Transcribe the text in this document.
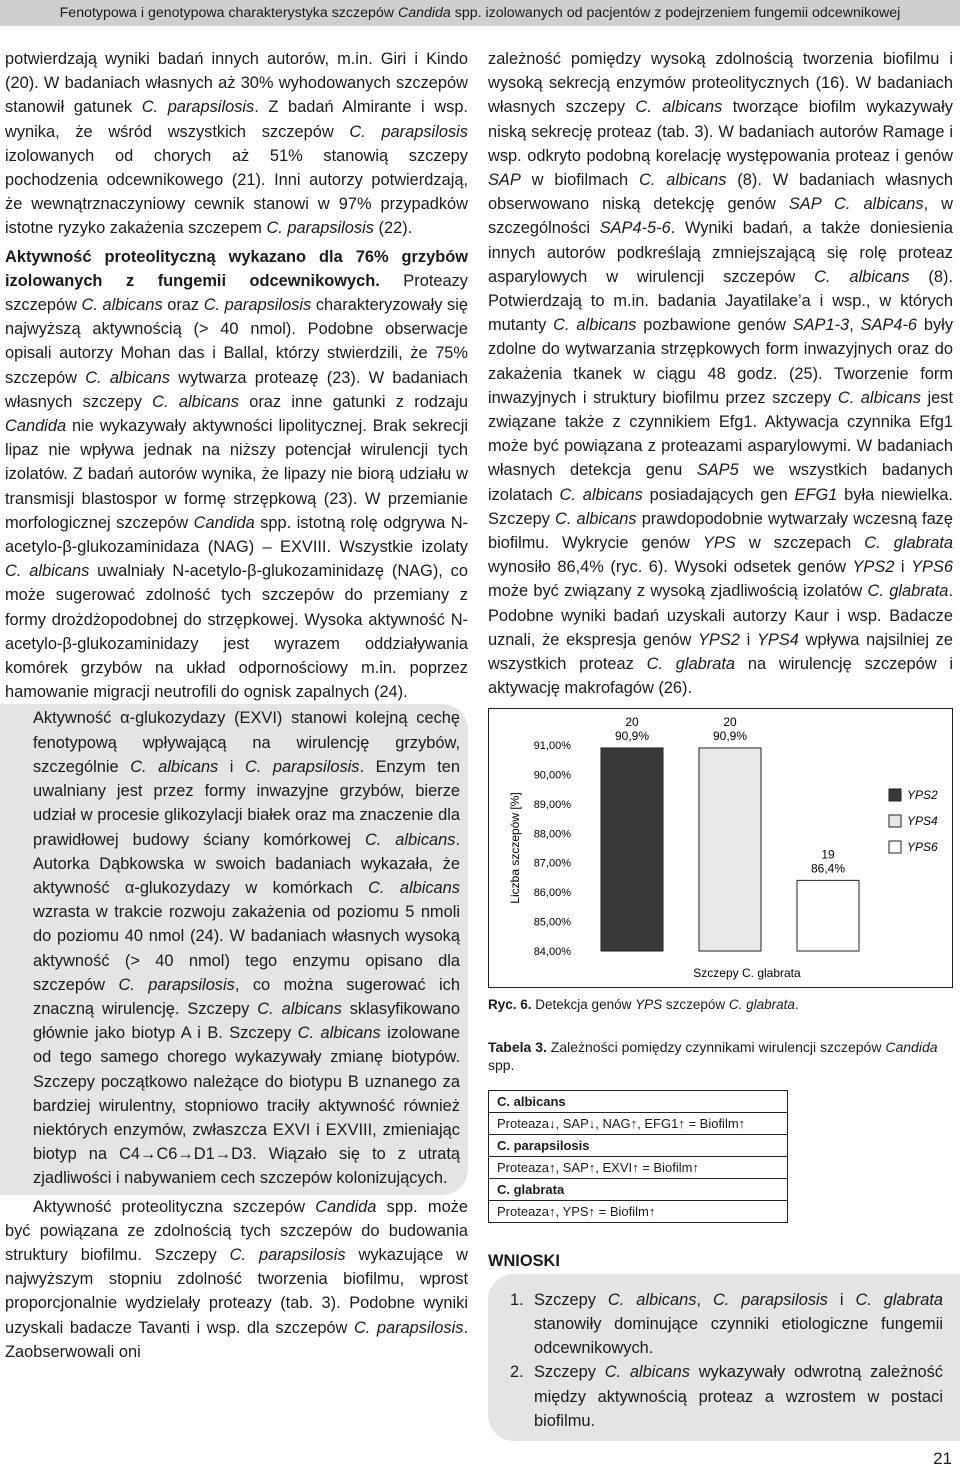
Fenotypowa i genotypowa charakterystyka szczepów Candida spp. izolowanych od pacjentów z podejrzeniem fungemii odcewnikowej

potwierdzają wyniki badań innych autorów, m.in. Giri i Kindo (20). W badaniach własnych aż 30% wyhodowanych szczepów stanowił gatunek C. parapsilosis. Z badań Almirante i wsp. wynika, że wśród wszystkich szczepów C. parapsilosis izolowanych od chorych aż 51% stanowią szczepy pochodzenia odcewnikowego (21). Inni autorzy potwierdzają, że wewnątrznaczyniowy cewnik stanowi w 97% przypadków istotne ryzyko zakażenia szczepem C. parapsilosis (22).

Aktywność proteolityczną wykazano dla 76% grzybów izolowanych z fungemii odcewnikowych. Proteazy szczepów C. albicans oraz C. parapsilosis charakteryzowały się najwyższą aktywnością (> 40 nmol). Podobne obserwacje opisali autorzy Mohan das i Ballal, którzy stwierdzili, że 75% szczepów C. albicans wytwarza proteazę (23). W badaniach własnych szczepy C. albicans oraz inne gatunki z rodzaju Candida nie wykazywały aktywności lipolitycznej. Brak sekrecji lipaz nie wpływa jednak na niższy potencjał wirulencji tych izolatów. Z badań autorów wynika, że lipazy nie biorą udziału w transmisji blastospor w formę strzępkową (23). W przemianie morfologicznej szczepów Candida spp. istotną rolę odgrywa N-acetylo-β-glukozaminidaza (NAG) – EXVIII. Wszystkie izolaty C. albicans uwalniały N-acetylo-β-glukozaminidazę (NAG), co może sugerować zdolność tych szczepów do przemiany z formy drożdżopodobnej do strzępkowej. Wysoka aktywność N-acetylo-β-glukozaminidazy jest wyrazem oddziaływania komórek grzybów na układ odpornościowy m.in. poprzez hamowanie migracji neutrofili do ognisk zapalnych (24).

Aktywność α-glukozydazy (EXVI) stanowi kolejną cechę fenotypową wpływającą na wirulencję grzybów, szczególnie C. albicans i C. parapsilosis. Enzym ten uwalniany jest przez formy inwazyjne grzybów, bierze udział w procesie glikozylacji białek oraz ma znaczenie dla prawidłowej budowy ściany komórkowej C. albicans. Autorka Dąbkowska w swoich badaniach wykazała, że aktywność α-glukozydazy w komórkach C. albicans wzrasta w trakcie rozwoju zakażenia od poziomu 5 nmoli do poziomu 40 nmol (24). W badaniach własnych wysoką aktywność (> 40 nmol) tego enzymu opisano dla szczepów C. parapsilosis, co można sugerować ich znaczną wirulencję. Szczepy C. albicans sklasyfikowano głównie jako biotyp A i B. Szczepy C. albicans izolowane od tego samego chorego wykazywały zmianę biotypów. Szczepy początkowo należące do biotypu B uznanego za bardziej wirulentny, stopniowo traciły aktywność również niektórych enzymów, zwłaszcza EXVI i EXVIII, zmieniając biotyp na C4→C6→D1→D3. Wiązało się to z utratą zjadliwości i nabywaniem cech szczepów kolonizujących.

Aktywność proteolityczna szczepów Candida spp. może być powiązana ze zdolnością tych szczepów do budowania struktury biofilmu. Szczepy C. parapsilosis wykazujące w najwyższym stopniu zdolność tworzenia biofilmu, wprost proporcjonalnie wydzielały proteazy (tab. 3). Podobne wyniki uzyskali badacze Tavanti i wsp. dla szczepów C. parapsilosis. Zaobserwowali oni

zależność pomiędzy wysoką zdolnością tworzenia biofilmu i wysoką sekrecją enzymów proteolitycznych (16). W badaniach własnych szczepy C. albicans tworzące biofilm wykazywały niską sekrecję proteaz (tab. 3). W badaniach autorów Ramage i wsp. odkryto podobną korelację występowania proteaz i genów SAP w biofilmach C. albicans (8). W badaniach własnych obserwowano niską detekcję genów SAP C. albicans, w szczególności SAP4-5-6. Wyniki badań, a także doniesienia innych autorów podkreślają zmniejszającą się rolę proteaz asparylowych w wirulencji szczepów C. albicans (8). Potwierdzają to m.in. badania Jayatilake’a i wsp., w których mutanty C. albicans pozbawione genów SAP1-3, SAP4-6 były zdolne do wytwarzania strzępkowych form inwazyjnych oraz do zakażenia tkanek w ciągu 48 godz. (25). Tworzenie form inwazyjnych i struktury biofilmu przez szczepy C. albicans jest związane także z czynnikiem Efg1. Aktywacja czynnika Efg1 może być powiązana z proteazami asparylowymi. W badaniach własnych detekcja genu SAP5 we wszystkich badanych izolatach C. albicans posiadających gen EFG1 była niewielka. Szczepy C. albicans prawdopodobnie wytwarzały wczesną fazę biofilmu. Wykrycie genów YPS w szczepach C. glabrata wynosiło 86,4% (ryc. 6). Wysoki odsetek genów YPS2 i YPS6 może być związany z wysoką zjadliwością izolatów C. glabrata. Podobne wyniki badań uzyskali autorzy Kaur i wsp. Badacze uznali, że ekspresja genów YPS2 i YPS4 wpływa najsilniej ze wszystkich proteaz C. glabrata na wirulencję szczepów i aktywację makrofagów (26).

Liczba szczepów [%]
84,00%
85,00%
86,00%
87,00%
88,00%
89,00%
90,00%
91,00%
20
90,9%
20
90,9%
19
86,4%
Szczepy C. glabrata
YPS2
YPS4
YPS6
Ryc. 6. Detekcja genów YPS szczepów C. glabrata.
Tabela 3. Zależności pomiędzy czynnikami wirulencji szczepów Candida spp.
C. albicans
Proteaza↓, SAP↓, NAG↑, EFG1↑ = Biofilm↑
C. parapsilosis
Proteaza↑, SAP↑, EXVI↑ = Biofilm↑
C. glabrata
Proteaza↑, YPS↑ = Biofilm↑
WNIOSKI
1. Szczepy C. albicans, C. parapsilosis i C. glabrata stanowiły dominujące czynniki etiologiczne fungemii odcewnikowych.
2. Szczepy C. albicans wykazywały odwrotną zależność między aktywnością proteaz a wzrostem w postaci biofilmu.
21
